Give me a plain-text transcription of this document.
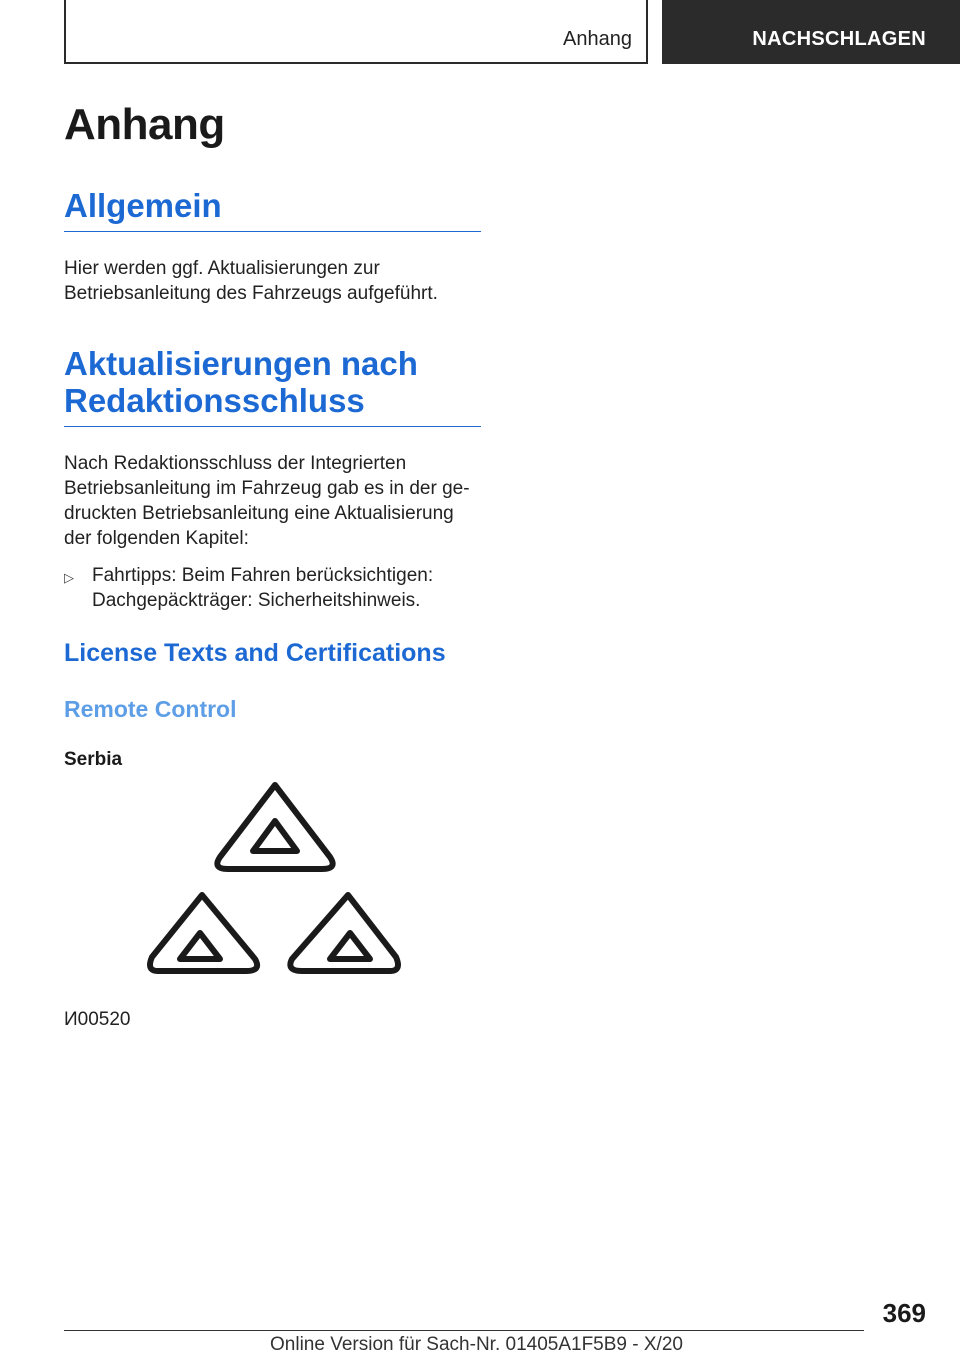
Anhang	NACHSCHLAGEN
Anhang
Allgemein

Hier werden ggf. Aktualisierungen zur
Betriebsanleitung des Fahrzeugs aufgeführt.

Aktualisierungen nach
Redaktionsschluss

Nach Redaktionsschluss der Integrierten
Betriebsanleitung im Fahrzeug gab es in der ge‐
druckten Betriebsanleitung eine Aktualisierung
der folgenden Kapitel:

▷ Fahrtipps: Beim Fahren berücksichtigen:
Dachgepäckträger: Sicherheitshinweis.
License Texts and Certifications
Remote Control
Serbia
И00520
369
Online Version für Sach-Nr. 01405A1F5B9 - X/20
